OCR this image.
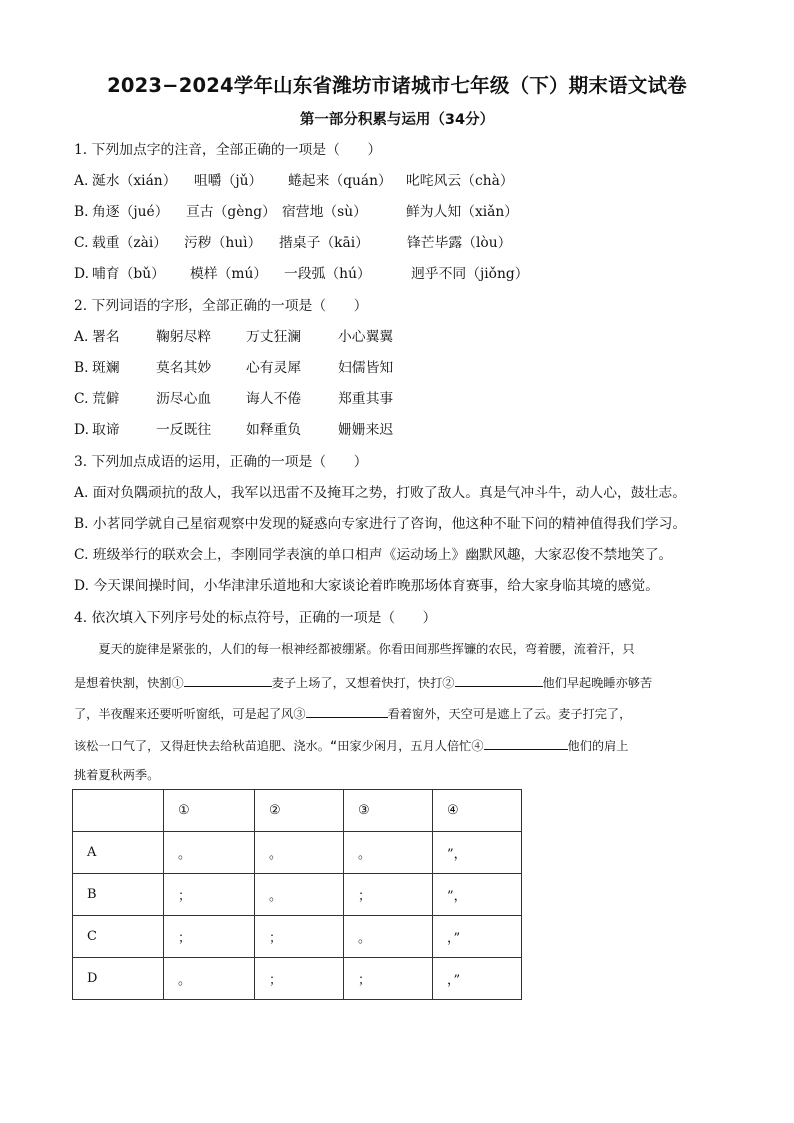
2023−2024学年山东省潍坊市诸城市七年级（下）期末语文试卷
第一部分积累与运用（34分）
1. 下列加点字的注音，全部正确的一项是（　　）
A. 涎水（xián） 咀嚼（jǔ） 蜷起来（quán） 叱咤风云（chà）
B. 角逐（jué） 亘古（gèng） 宿营地（sù）	鲜为人知（xiǎn）
C. 载重（zài） 污秽（huì） 揩桌子（kāi）	锋芒毕露（lòu）
D. 哺育（bǔ） 模样（mú） 一段弧（hú）	迥乎不同（jiǒng）
2. 下列词语的字形，全部正确的一项是（　　）
A. 署名	鞠躬尽粹	万丈狂澜	小心翼翼
B. 斑斓	莫名其妙	心有灵犀	妇儒皆知
C. 荒僻	沥尽心血	诲人不倦	郑重其事
D. 取谛	一反既往	如释重负	姗姗来迟
3. 下列加点成语的运用，正确的一项是（　　）
A. 面对负隅顽抗的敌人，我军以迅雷不及掩耳之势，打败了敌人。真是气冲斗牛，动人心，鼓壮志。
B. 小茗同学就自己星宿观察中发现的疑惑向专家进行了咨询，他这种不耻下问的精神值得我们学习。
C. 班级举行的联欢会上，李刚同学表演的单口相声《运动场上》幽默风趣，大家忍俊不禁地笑了。
D. 今天课间操时间，小华津津乐道地和大家谈论着昨晚那场体育赛事，给大家身临其境的感觉。
4. 依次填入下列序号处的标点符号，正确的一项是（　　）
　　夏天的旋律是紧张的，人们的每一根神经都被绷紧。你看田间那些挥镰的农民，弯着腰，流着汗，只
是想着快割，快割①	麦子上场了，又想着快打，快打②	他们早起晚睡亦够苦
了，半夜醒来还要听听窗纸，可是起了风③	看着窗外，天空可是遮上了云。麦子打完了，
该松一口气了，又得赶快去给秋苗追肥、浇水。“田家少闲月，五月人倍忙④	他们的肩上
挑着夏秋两季。
	①	②	③	④
A	。	。	。	”，
B	；	。	；	”，
C	；	；	。	，”
D	。	；	；	，”
